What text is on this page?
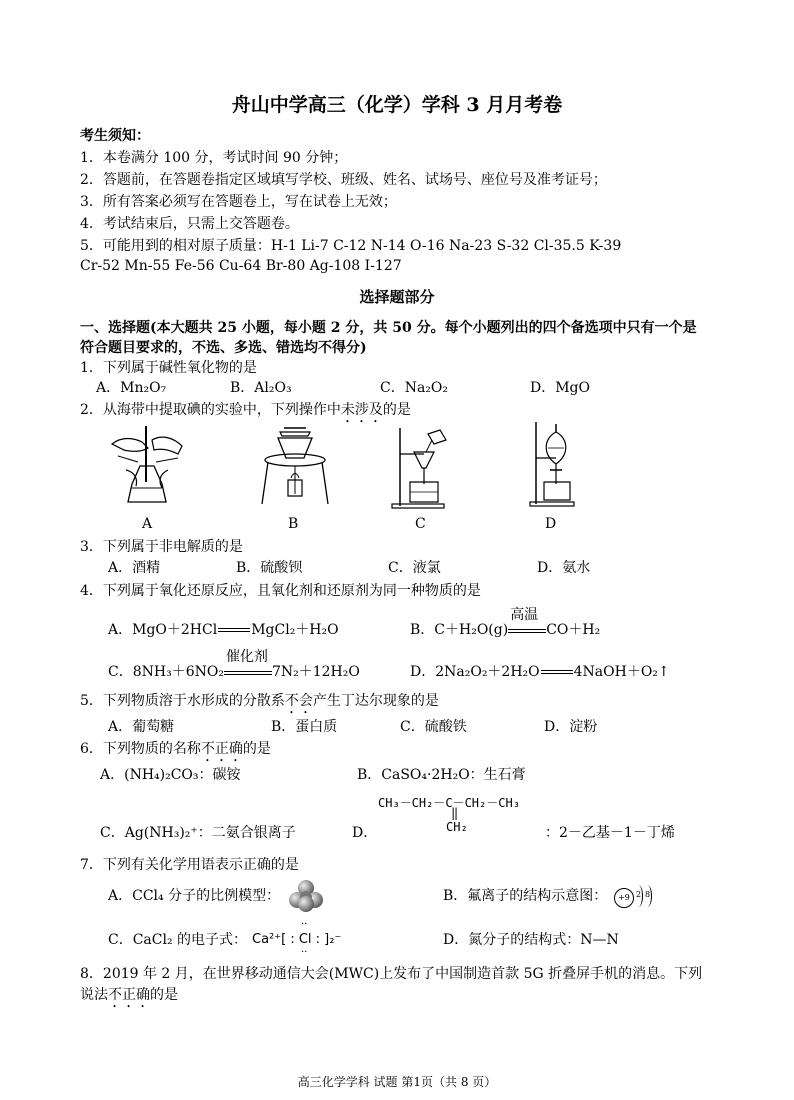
舟山中学高三（化学）学科 3 月月考卷
考生须知：
1．本卷满分 100 分，考试时间 90 分钟；
2．答题前，在答题卷指定区域填写学校、班级、姓名、试场号、座位号及准考证号；
3．所有答案必须写在答题卷上，写在试卷上无效；
4．考试结束后，只需上交答题卷。
5．可能用到的相对原子质量：H-1 Li-7 C-12 N-14 O-16 Na-23 S-32 Cl-35.5 K-39
Cr-52 Mn-55 Fe-56 Cu-64 Br-80 Ag-108 I-127
选择题部分
一、选择题(本大题共 25 小题，每小题 2 分，共 50 分。每个小题列出的四个备选项中只有一个是
符合题目要求的，不选、多选、错选均不得分)
1．下列属于碱性氧化物的是
A．Mn₂O₇	B．Al₂O₃	C．Na₂O₂	D．MgO
2．从海带中提取碘的实验中，下列操作中未涉及的是
A	B	C	D
3．下列属于非电解质的是
A．酒精	B．硫酸钡	C．液氯	D．氨水
4．下列属于氧化还原反应，且氧化剂和还原剂为同一种物质的是
A．MgO＋2HCl MgCl₂＋H₂O	B．C＋H₂O(g)
高温
CO＋H₂
C．8NH₃＋6NO₂
催化剂
7N₂＋12H₂O	D．2Na₂O₂＋2H₂O 4NaOH＋O₂↑
5．下列物质溶于水形成的分散系不会产生丁达尔现象的是
A．葡萄糖	B．蛋白质	C．硫酸铁	D．淀粉
6．下列物质的名称不正确的是
A．(NH₄)₂CO₃：碳铵	B．CaSO₄·2H₂O：生石膏
CH₃－CH₂－C－CH₂－CH₃
‖
CH₂
C．Ag(NH₃)₂⁺：二氨合银离子	D．	：2－乙基－1－丁烯
7．下列有关化学用语表示正确的是
A．CCl₄ 分子的比例模型：	B．氟离子的结构示意图：	+9 2 8
C．CaCl₂ 的电子式： Ca²⁺[ : Cl : ]₂⁻
··
··
D．氮分子的结构式：N—N
8．2019 年 2 月，在世界移动通信大会(MWC)上发布了中国制造首款 5G 折叠屏手机的消息。下列
说法不正确的是
高三化学学科 试题 第1页（共 8 页）
